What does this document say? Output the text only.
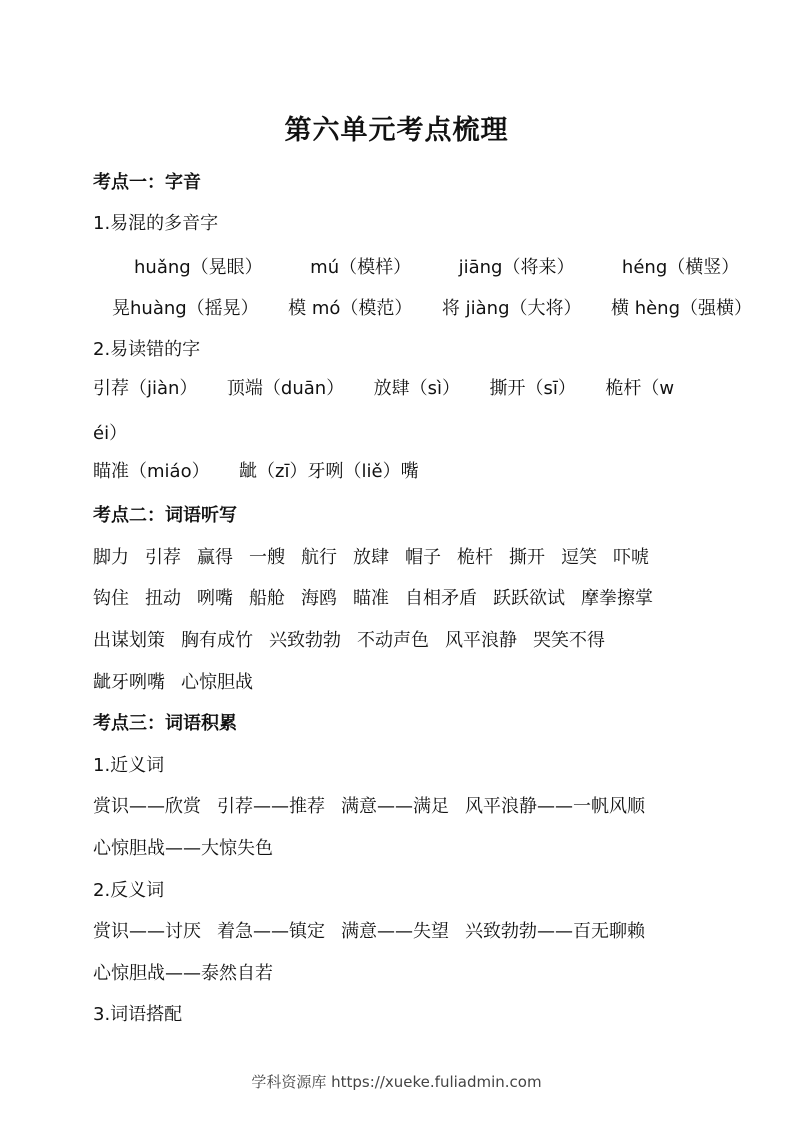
第六单元考点梳理
考点一：字音
1.易混的多音字
huǎng（晃眼）	mú（模样）	jiāng（将来）	héng（横竖）
晃huàng（摇晃） 模 mó（模范） 将 jiàng（大将） 横 hèng（强横）
2.易读错的字
引荐（jiàn） 顶端（duān） 放肆（sì） 撕开（sī） 桅杆（w
éi）
瞄准（miáo） 龇（zī）牙咧（liě）嘴
考点二：词语听写
脚力 引荐 赢得 一艘 航行 放肆 帽子 桅杆 撕开 逗笑 吓唬
钩住 扭动 咧嘴 船舱 海鸥 瞄准 自相矛盾 跃跃欲试 摩拳擦掌
出谋划策 胸有成竹 兴致勃勃 不动声色 风平浪静 哭笑不得
龇牙咧嘴 心惊胆战
考点三：词语积累
1.近义词
赏识——欣赏 引荐——推荐 满意——满足 风平浪静——一帆风顺
心惊胆战——大惊失色
2.反义词
赏识——讨厌 着急——镇定 满意——失望 兴致勃勃——百无聊赖
心惊胆战——泰然自若
3.词语搭配
学科资源库 https://xueke.fuliadmin.com
